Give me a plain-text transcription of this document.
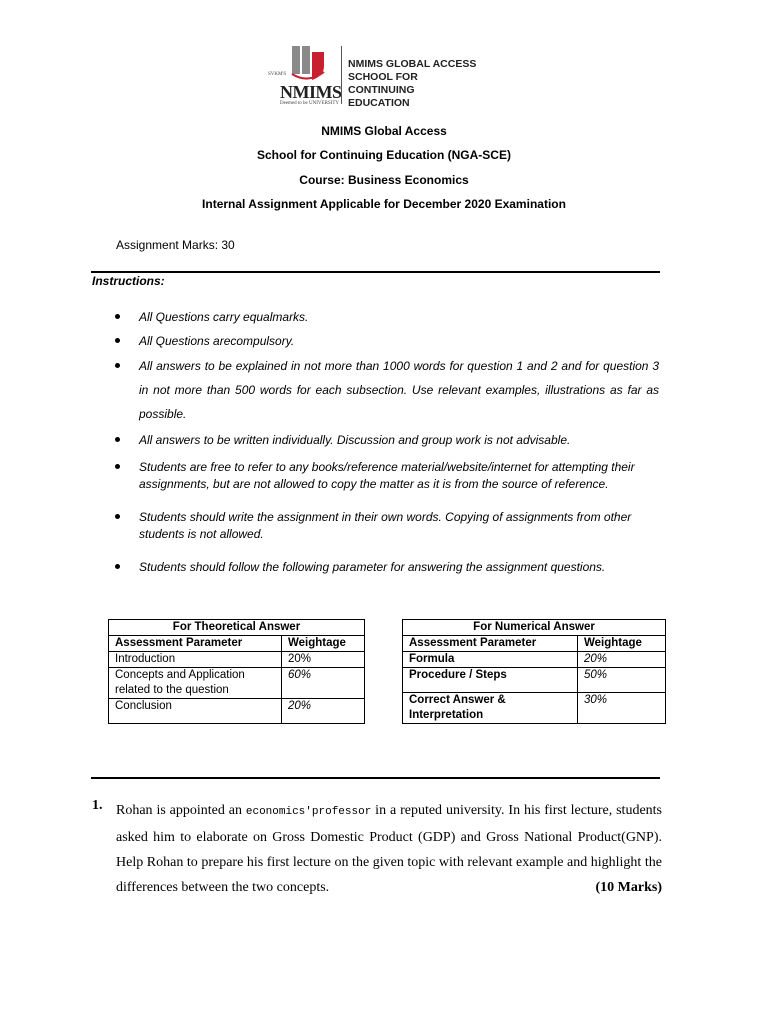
SVKM'S
NMIMS
Deemed to be UNIVERSITY
NMIMS GLOBAL ACCESS
SCHOOL FOR
CONTINUING EDUCATION
NMIMS Global Access
School for Continuing Education (NGA-SCE)
Course: Business Economics
Internal Assignment Applicable for December 2020 Examination
Assignment Marks: 30
Instructions:
All Questions carry equalmarks.
All Questions arecompulsory.
All answers to be explained in not more than 1000 words for question 1 and 2 and for question 3 in not more than 500 words for each subsection. Use relevant examples, illustrations as far as possible.
All answers to be written individually. Discussion and group work is not advisable.
Students are free to refer to any books/reference material/website/internet for attempting their assignments, but are not allowed to copy the matter as it is from the source of reference.
Students should write the assignment in their own words. Copying of assignments from other students is not allowed.
Students should follow the following parameter for answering the assignment questions.
For Theoretical Answer	
Assessment Parameter	Weightage
Introduction	20%
Concepts and Application related to the question	60%
Conclusion	20%
For Numerical Answer	
Assessment Parameter	Weightage
Formula	20%
Procedure / Steps	50%
Correct Answer & Interpretation	30%
1. Rohan is appointed an economics'professor in a reputed university. In his first lecture, students asked him to elaborate on Gross Domestic Product (GDP) and Gross National Product(GNP). Help Rohan to prepare his first lecture on the given topic with relevant example and highlight the differences between the two concepts.	(10 Marks)
